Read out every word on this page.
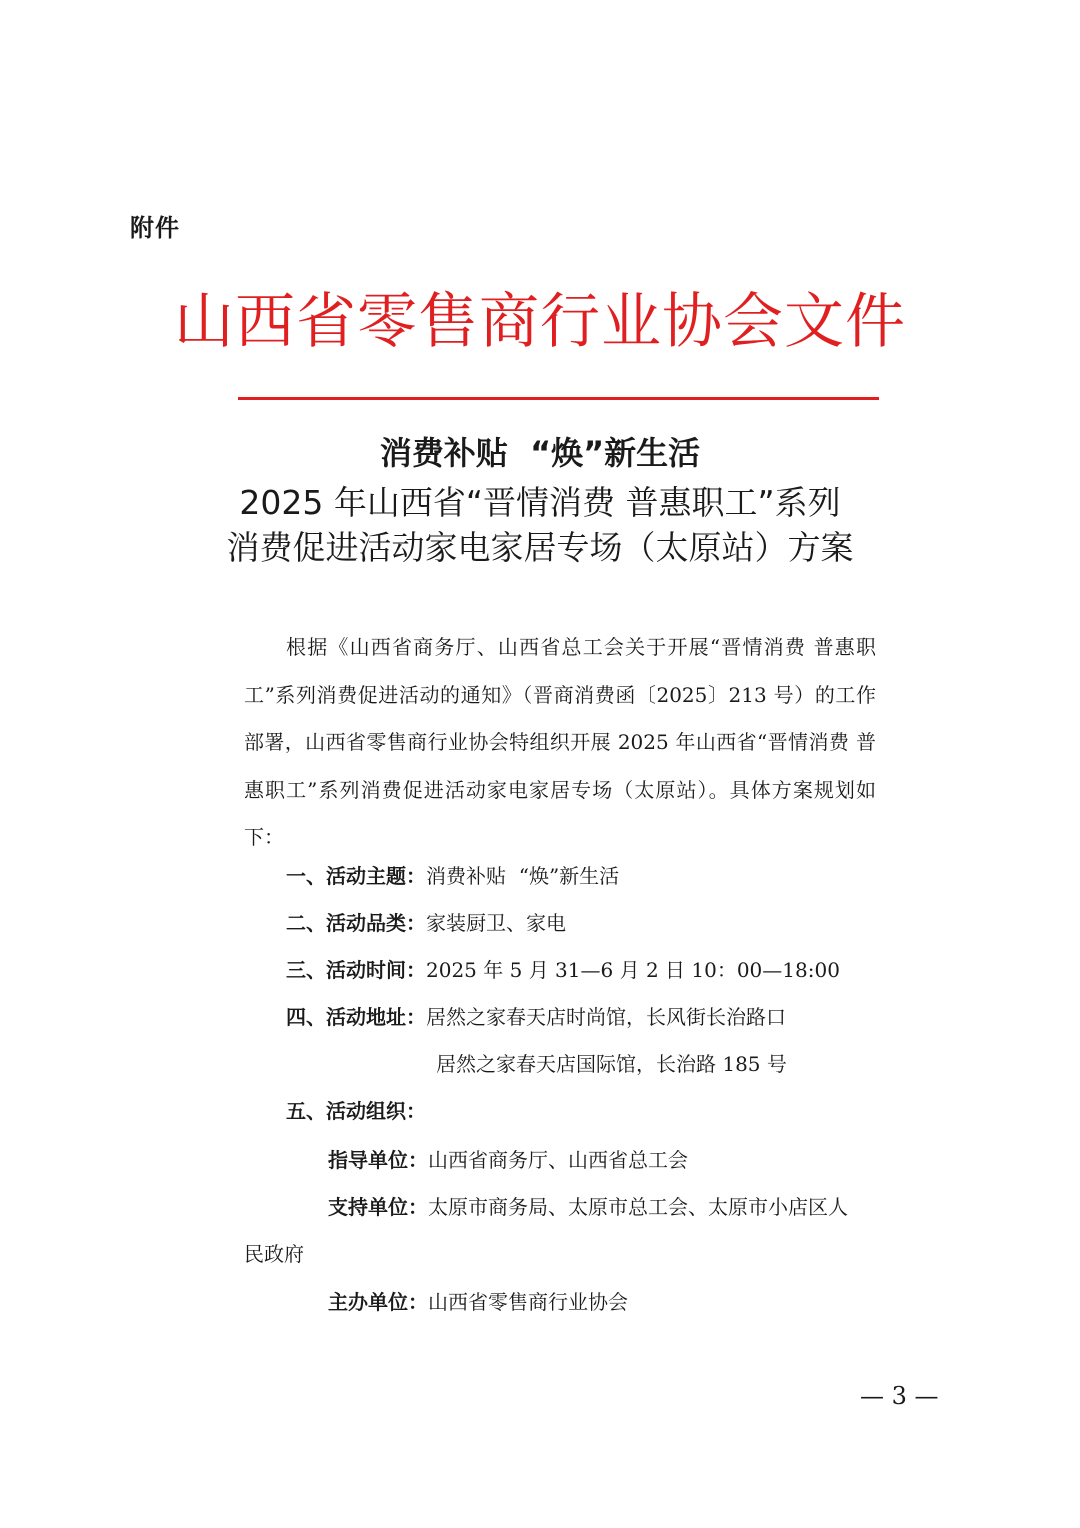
附件
山西省零售商行业协会文件
消费补贴  “焕”新生活
2025 年山西省“晋情消费 普惠职工”系列
消费促进活动家电家居专场（太原站）方案

根据《山西省商务厅、山西省总工会关于开展“晋情消费 普惠职工”系列消费促进活动的通知》（晋商消费函〔2025〕213 号）的工作部署，山西省零售商行业协会特组织开展 2025 年山西省“晋情消费 普惠职工”系列消费促进活动家电家居专场（太原站）。具体方案规划如下：

一、活动主题：消费补贴  “焕”新生活
二、活动品类：家装厨卫、家电
三、活动时间：2025 年 5 月 31—6 月 2 日 10：00—18:00
四、活动地址：居然之家春天店时尚馆，长风街长治路口
居然之家春天店国际馆，长治路 185 号
五、活动组织：
指导单位：山西省商务厅、山西省总工会
支持单位：太原市商务局、太原市总工会、太原市小店区人
民政府
主办单位：山西省零售商行业协会
— 3 —
